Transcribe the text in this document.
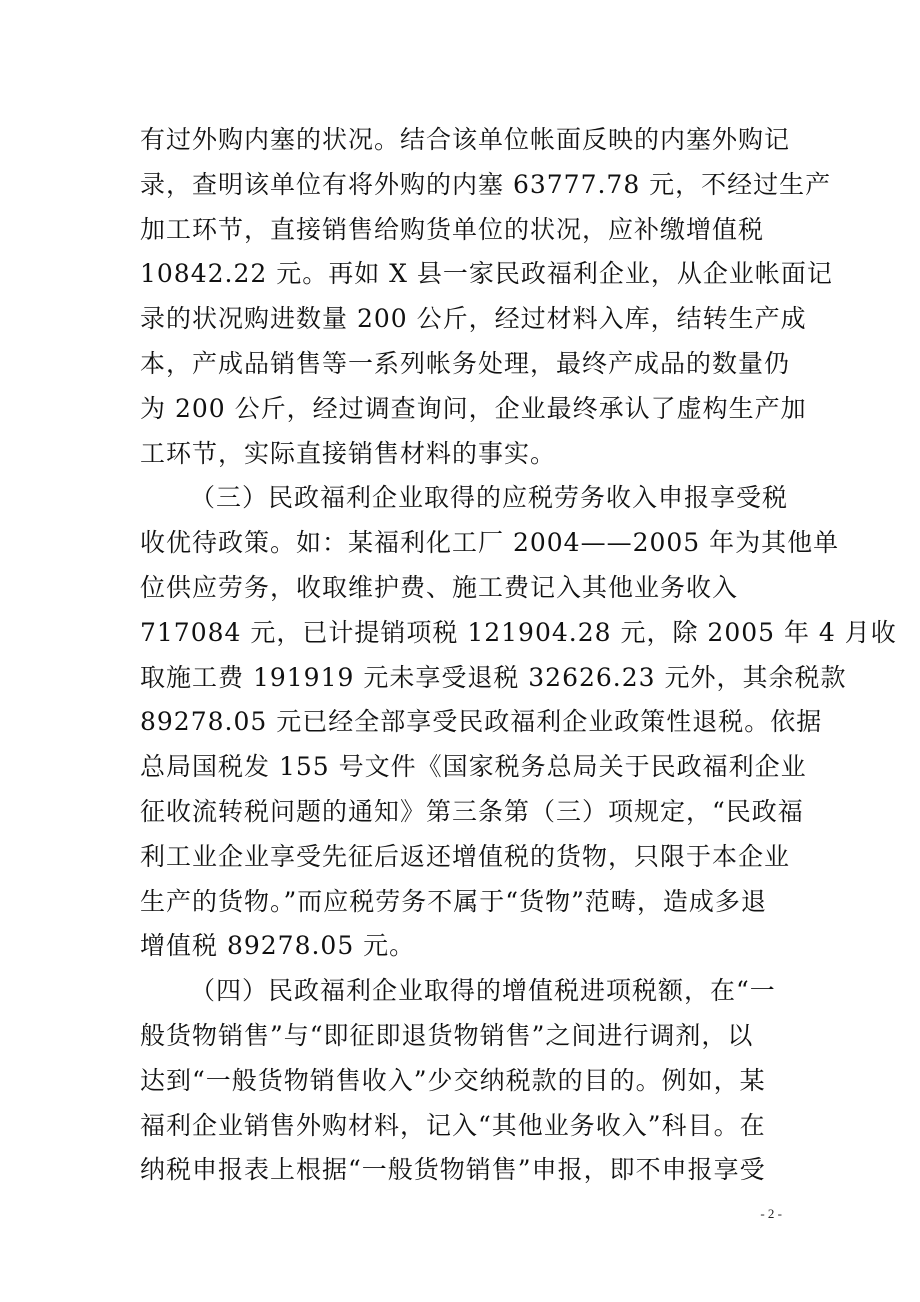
有过外购内塞的状况。结合该单位帐面反映的内塞外购记
录，查明该单位有将外购的内塞 63777.78 元，不经过生产
加工环节，直接销售给购货单位的状况，应补缴增值税
10842.22 元。再如 X 县一家民政福利企业，从企业帐面记
录的状况购进数量 200 公斤，经过材料入库，结转生产成
本，产成品销售等一系列帐务处理，最终产成品的数量仍
为 200 公斤，经过调查询问，企业最终承认了虚构生产加
工环节，实际直接销售材料的事实。
（三）民政福利企业取得的应税劳务收入申报享受税
收优待政策。如：某福利化工厂 2004——2005 年为其他单
位供应劳务，收取维护费、施工费记入其他业务收入
717084 元，已计提销项税 121904.28 元，除 2005 年 4 月收
取施工费 191919 元未享受退税 32626.23 元外，其余税款
89278.05 元已经全部享受民政福利企业政策性退税。依据
总局国税发 155 号文件《国家税务总局关于民政福利企业
征收流转税问题的通知》第三条第（三）项规定，“民政福
利工业企业享受先征后返还增值税的货物，只限于本企业
生产的货物。”而应税劳务不属于“货物”范畴，造成多退
增值税 89278.05 元。
（四）民政福利企业取得的增值税进项税额，在“一
般货物销售”与“即征即退货物销售”之间进行调剂，以
达到“一般货物销售收入”少交纳税款的目的。例如，某
福利企业销售外购材料，记入“其他业务收入”科目。在
纳税申报表上根据“一般货物销售”申报，即不申报享受
- 2 -
